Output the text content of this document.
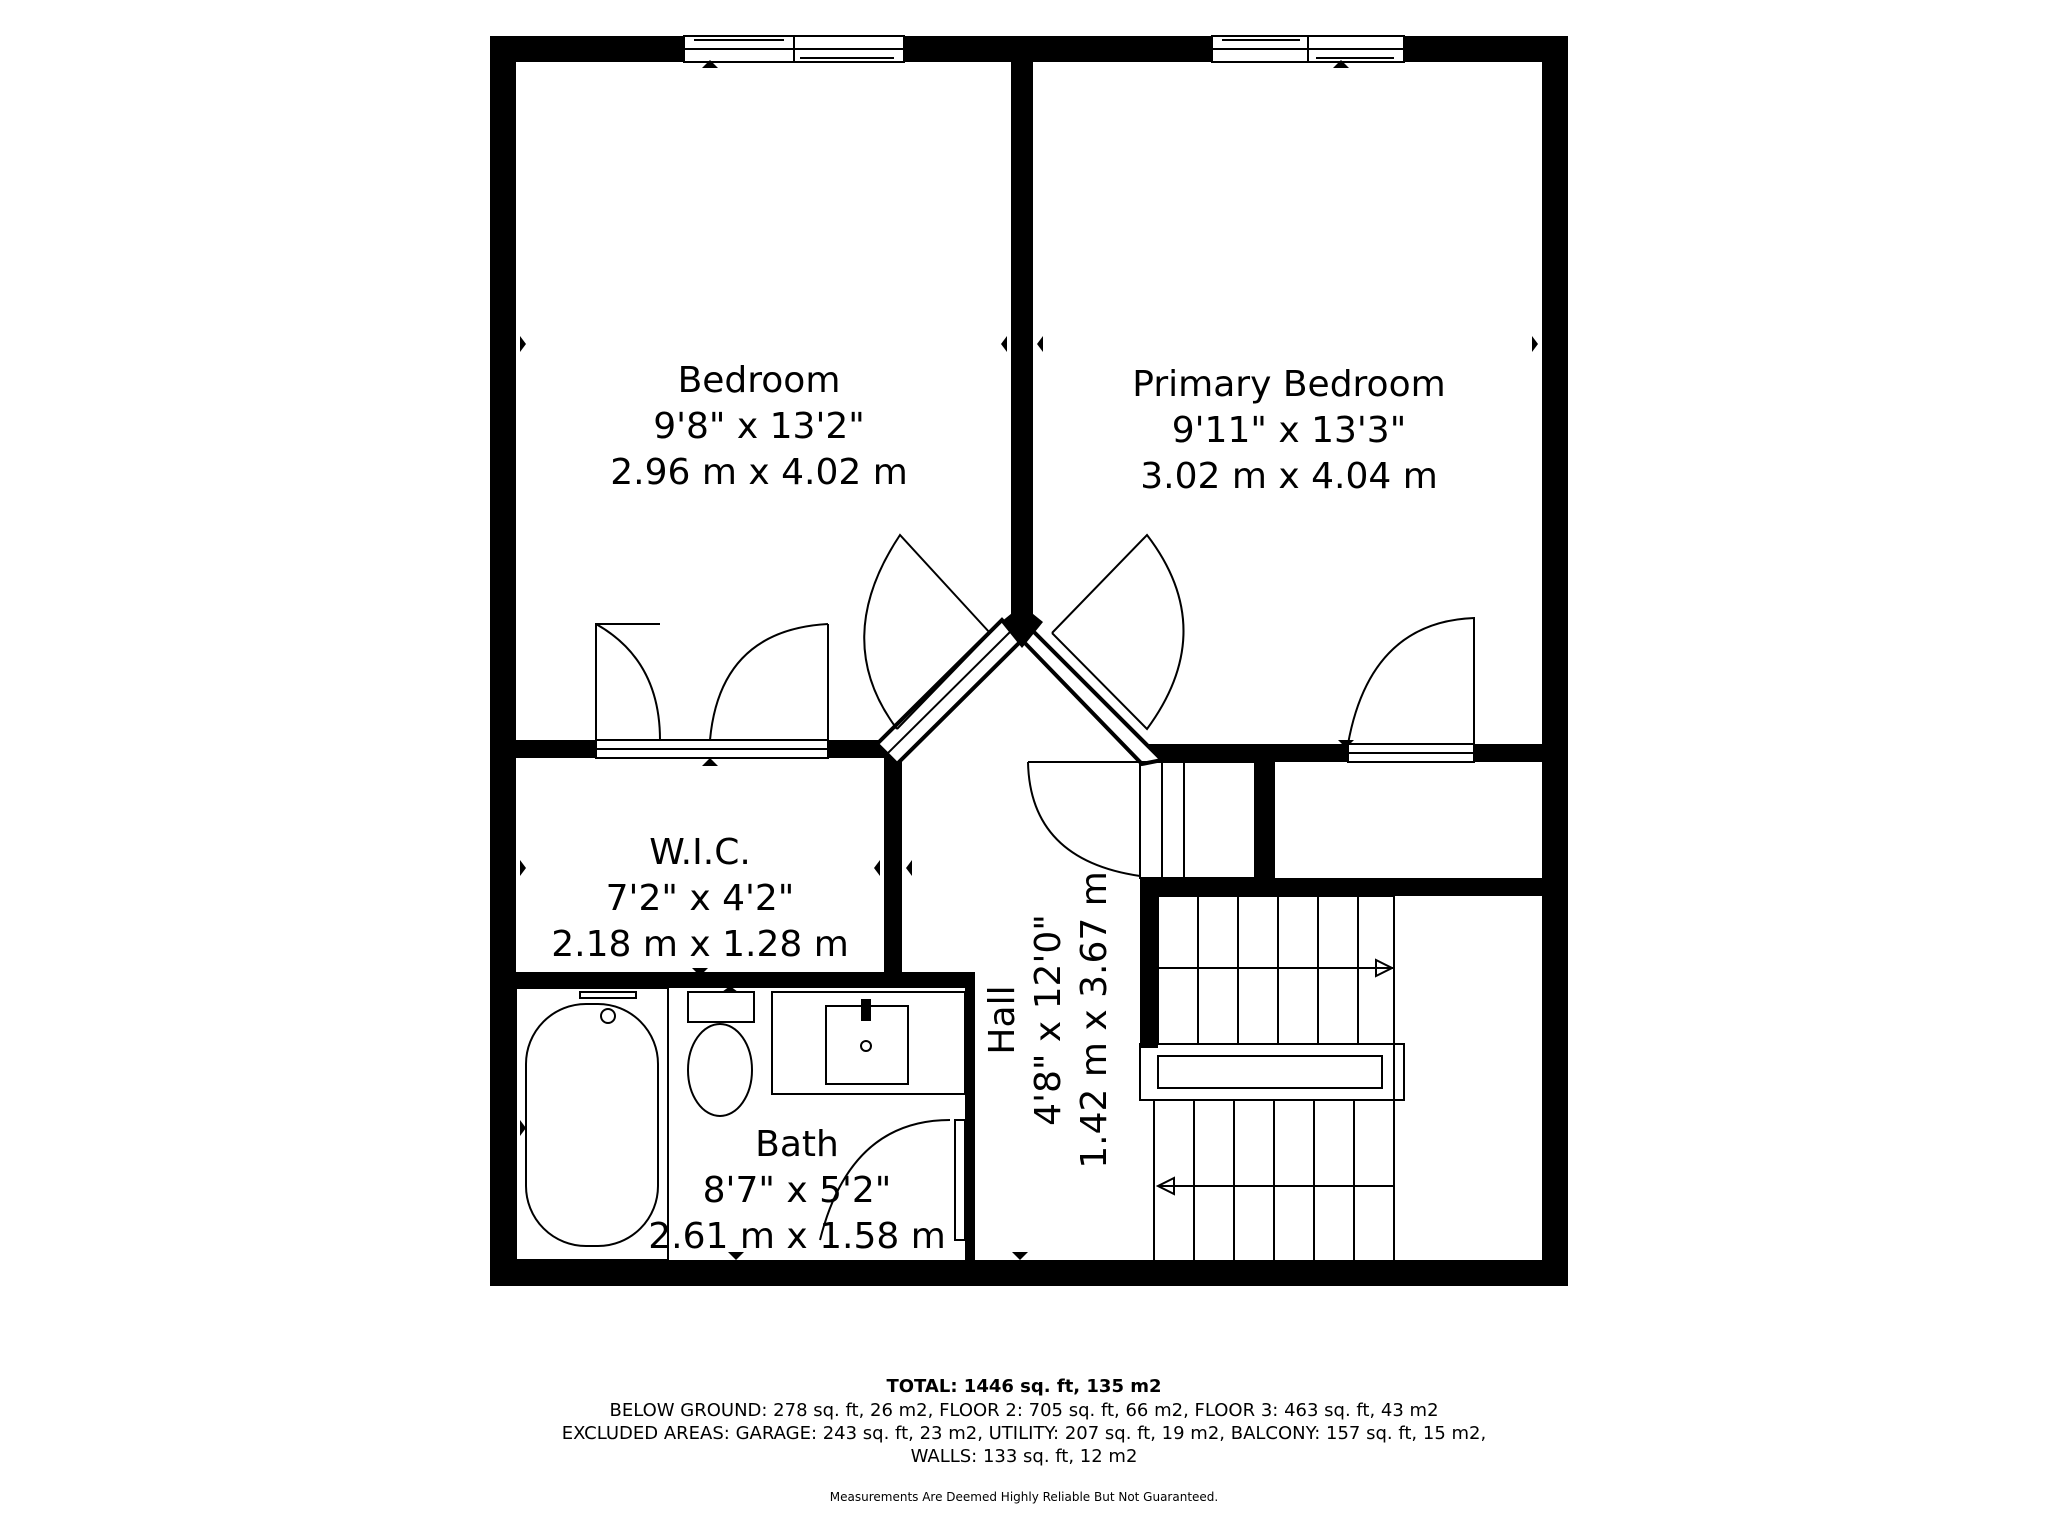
Bedroom
9'8" x 13'2"
2.96 m x 4.02 m
Primary Bedroom
9'11" x 13'3"
3.02 m x 4.04 m
W.I.C.
7'2" x 4'2"
2.18 m x 1.28 m
Bath
8'7" x 5'2"
2.61 m x 1.58 m
Hall 4'8" x 12'0" 1.42 m x 3.67 m
TOTAL: 1446 sq. ft, 135 m2
BELOW GROUND: 278 sq. ft, 26 m2, FLOOR 2: 705 sq. ft, 66 m2, FLOOR 3: 463 sq. ft, 43 m2
EXCLUDED AREAS: GARAGE: 243 sq. ft, 23 m2, UTILITY: 207 sq. ft, 19 m2, BALCONY: 157 sq. ft, 15 m2,
WALLS: 133 sq. ft, 12 m2
Measurements Are Deemed Highly Reliable But Not Guaranteed.
